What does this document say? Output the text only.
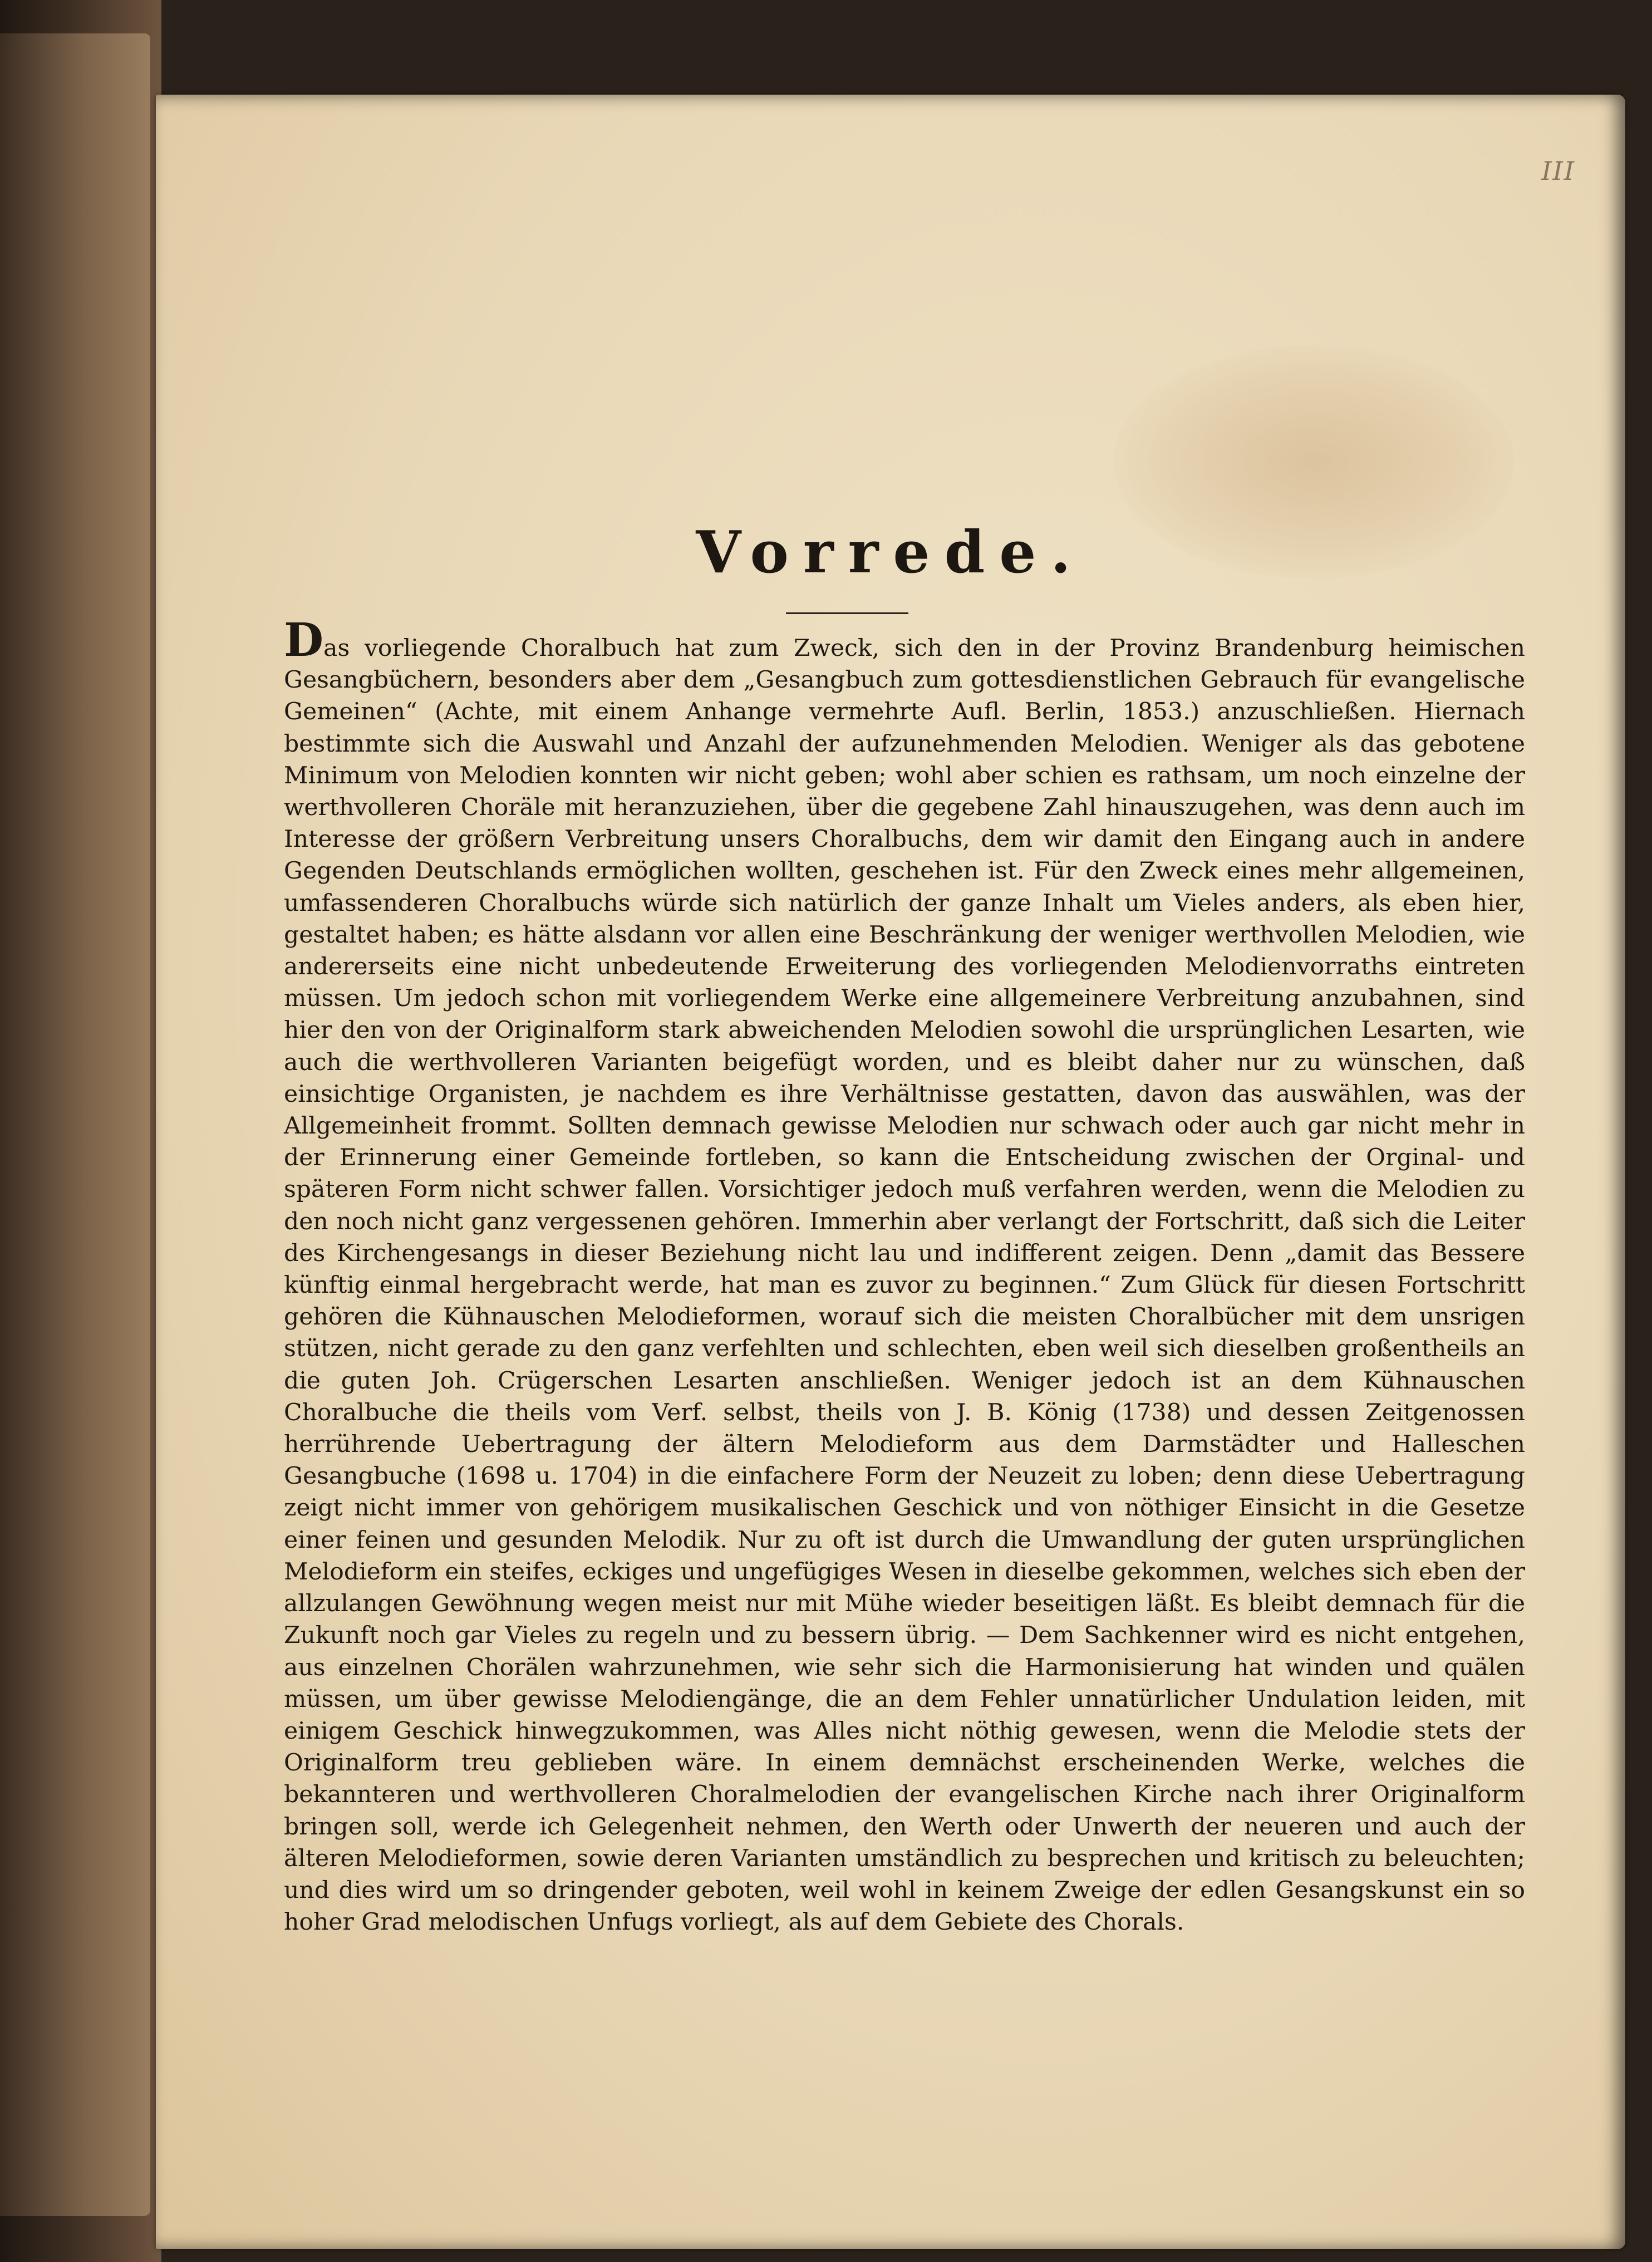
III
Vorrede.

Das vorliegende Choralbuch hat zum Zweck, sich den in der Provinz Brandenburg heimischen Gesangbüchern, besonders aber dem „Gesangbuch zum gottesdienstlichen Gebrauch für evangelische Gemeinen“ (Achte, mit einem Anhange vermehrte Aufl. Berlin, 1853.) anzuschließen. Hiernach bestimmte sich die Auswahl und Anzahl der aufzunehmenden Melodien. Weniger als das gebotene Minimum von Melodien konnten wir nicht geben; wohl aber schien es rathsam, um noch einzelne der werthvolleren Choräle mit heranzuziehen, über die gegebene Zahl hinauszugehen, was denn auch im Interesse der größern Verbreitung unsers Choralbuchs, dem wir damit den Eingang auch in andere Gegenden Deutschlands ermöglichen wollten, geschehen ist. Für den Zweck eines mehr allgemeinen, umfassenderen Choralbuchs würde sich natürlich der ganze Inhalt um Vieles anders, als eben hier, gestaltet haben; es hätte alsdann vor allen eine Beschränkung der weniger werthvollen Melodien, wie andererseits eine nicht unbedeutende Erweiterung des vorliegenden Melodienvorraths eintreten müssen. Um jedoch schon mit vorliegendem Werke eine allgemeinere Verbreitung anzubahnen, sind hier den von der Originalform stark abweichenden Melodien sowohl die ursprünglichen Lesarten, wie auch die werthvolleren Varianten beigefügt worden, und es bleibt daher nur zu wünschen, daß einsichtige Organisten, je nachdem es ihre Verhältnisse gestatten, davon das auswählen, was der Allgemeinheit frommt. Sollten demnach gewisse Melodien nur schwach oder auch gar nicht mehr in der Erinnerung einer Gemeinde fortleben, so kann die Entscheidung zwischen der Orginal- und späteren Form nicht schwer fallen. Vorsichtiger jedoch muß verfahren werden, wenn die Melodien zu den noch nicht ganz vergessenen gehören. Immerhin aber verlangt der Fortschritt, daß sich die Leiter des Kirchengesangs in dieser Beziehung nicht lau und indifferent zeigen. Denn „damit das Bessere künftig einmal hergebracht werde, hat man es zuvor zu beginnen.“ Zum Glück für diesen Fortschritt gehören die Kühnauschen Melodieformen, worauf sich die meisten Choralbücher mit dem unsrigen stützen, nicht gerade zu den ganz verfehlten und schlechten, eben weil sich dieselben großentheils an die guten Joh. Crügerschen Lesarten anschließen. Weniger jedoch ist an dem Kühnauschen Choralbuche die theils vom Verf. selbst, theils von J. B. König (1738) und dessen Zeitgenossen herrührende Uebertragung der ältern Melodieform aus dem Darmstädter und Halleschen Gesangbuche (1698 u. 1704) in die einfachere Form der Neuzeit zu loben; denn diese Uebertragung zeigt nicht immer von gehörigem musikalischen Geschick und von nöthiger Einsicht in die Gesetze einer feinen und gesunden Melodik. Nur zu oft ist durch die Umwandlung der guten ursprünglichen Melodieform ein steifes, eckiges und ungefügiges Wesen in dieselbe gekommen, welches sich eben der allzulangen Gewöhnung wegen meist nur mit Mühe wieder beseitigen läßt. Es bleibt demnach für die Zukunft noch gar Vieles zu regeln und zu bessern übrig. — Dem Sachkenner wird es nicht entgehen, aus einzelnen Chorälen wahrzunehmen, wie sehr sich die Harmonisierung hat winden und quälen müssen, um über gewisse Melodiengänge, die an dem Fehler unnatürlicher Undulation leiden, mit einigem Geschick hinwegzukommen, was Alles nicht nöthig gewesen, wenn die Melodie stets der Originalform treu geblieben wäre. In einem demnächst erscheinenden Werke, welches die bekannteren und werthvolleren Choralmelodien der evangelischen Kirche nach ihrer Originalform bringen soll, werde ich Gelegenheit nehmen, den Werth oder Unwerth der neueren und auch der älteren Melodieformen, sowie deren Varianten umständlich zu besprechen und kritisch zu beleuchten; und dies wird um so dringender geboten, weil wohl in keinem Zweige der edlen Gesangskunst ein so hoher Grad melodischen Unfugs vorliegt, als auf dem Gebiete des Chorals.
